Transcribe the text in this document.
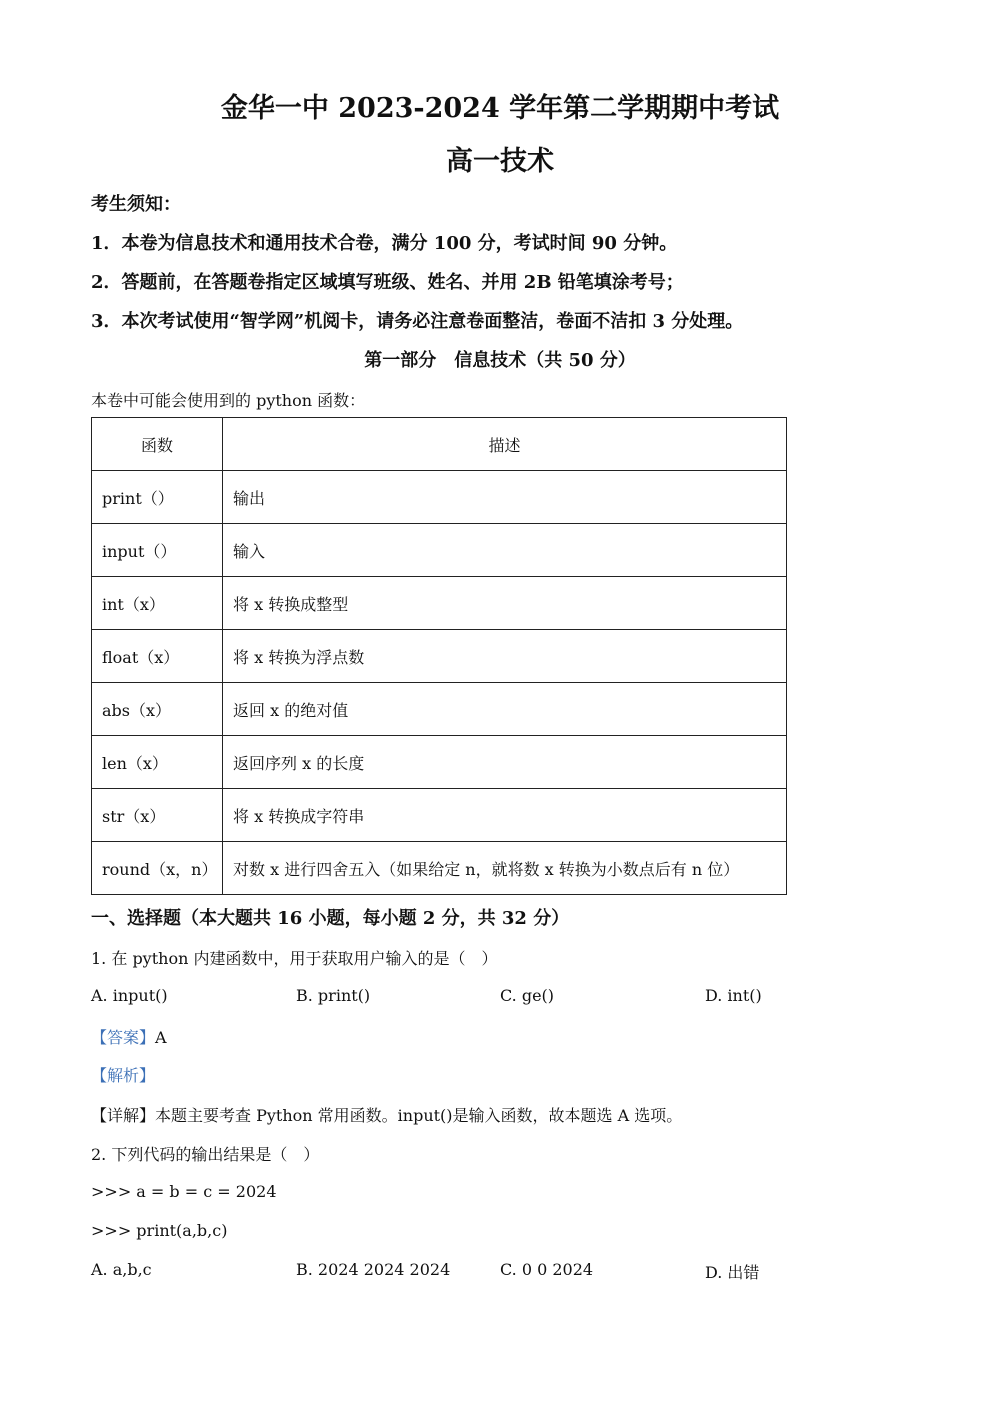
金华一中 2023-2024 学年第二学期期中考试
高一技术
考生须知：
1．本卷为信息技术和通用技术合卷，满分 100 分，考试时间 90 分钟。
2．答题前，在答题卷指定区域填写班级、姓名、并用 2B 铅笔填涂考号；
3．本次考试使用“智学网”机阅卡，请务必注意卷面整洁，卷面不洁扣 3 分处理。
第一部分　信息技术（共 50 分）
本卷中可能会使用到的 python 函数：
函数	描述
print（）	输出
input（）	输入
int（x）	将 x 转换成整型
float（x）	将 x 转换为浮点数
abs（x）	返回 x 的绝对值
len（x）	返回序列 x 的长度
str（x）	将 x 转换成字符串
round（x，n）	对数 x 进行四舍五入（如果给定 n，就将数 x 转换为小数点后有 n 位）
一、选择题（本大题共 16 小题，每小题 2 分，共 32 分）
1. 在 python 内建函数中，用于获取用户输入的是（　）
A. input()	B. print()	C. ge()	D. int()
【答案】A
【解析】
【详解】本题主要考查 Python 常用函数。input()是输入函数，故本题选 A 选项。
2. 下列代码的输出结果是（　）
>>> a = b = c = 2024
>>> print(a,b,c)
A. a,b,c	B. 2024 2024 2024	C. 0 0 2024	D. 出错
